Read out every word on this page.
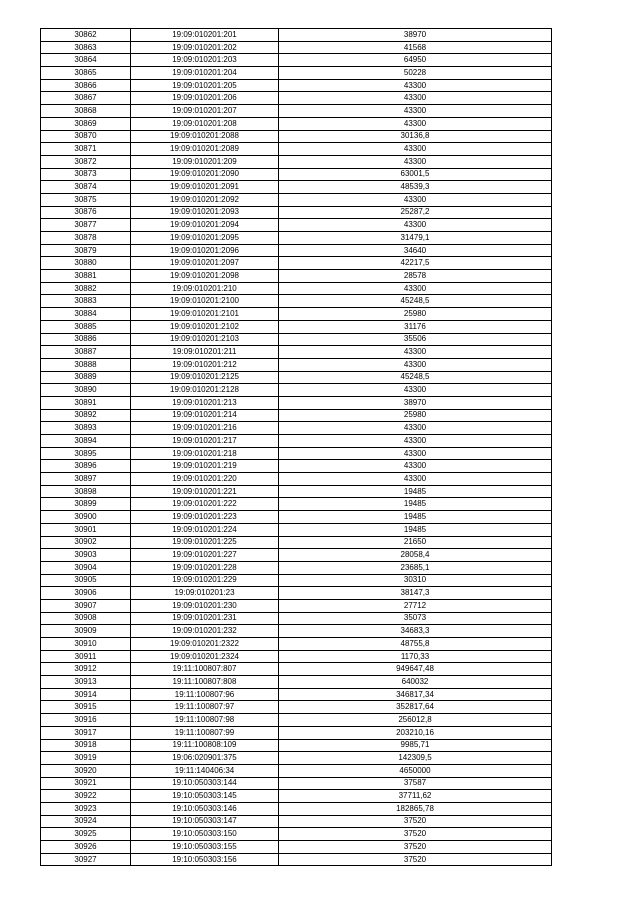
30862	19:09:010201:201	38970
30863	19:09:010201:202	41568
30864	19:09:010201:203	64950
30865	19:09:010201:204	50228
30866	19:09:010201:205	43300
30867	19:09:010201:206	43300
30868	19:09:010201:207	43300
30869	19:09:010201:208	43300
30870	19:09:010201:2088	30136,8
30871	19:09:010201:2089	43300
30872	19:09:010201:209	43300
30873	19:09:010201:2090	63001,5
30874	19:09:010201:2091	48539,3
30875	19:09:010201:2092	43300
30876	19:09:010201:2093	25287,2
30877	19:09:010201:2094	43300
30878	19:09:010201:2095	31479,1
30879	19:09:010201:2096	34640
30880	19:09:010201:2097	42217,5
30881	19:09:010201:2098	28578
30882	19:09:010201:210	43300
30883	19:09:010201:2100	45248,5
30884	19:09:010201:2101	25980
30885	19:09:010201:2102	31176
30886	19:09:010201:2103	35506
30887	19:09:010201:211	43300
30888	19:09:010201:212	43300
30889	19:09:010201:2125	45248,5
30890	19:09:010201:2128	43300
30891	19:09:010201:213	38970
30892	19:09:010201:214	25980
30893	19:09:010201:216	43300
30894	19:09:010201:217	43300
30895	19:09:010201:218	43300
30896	19:09:010201:219	43300
30897	19:09:010201:220	43300
30898	19:09:010201:221	19485
30899	19:09:010201:222	19485
30900	19:09:010201:223	19485
30901	19:09:010201:224	19485
30902	19:09:010201:225	21650
30903	19:09:010201:227	28058,4
30904	19:09:010201:228	23685,1
30905	19:09:010201:229	30310
30906	19:09:010201:23	38147,3
30907	19:09:010201:230	27712
30908	19:09:010201:231	35073
30909	19:09:010201:232	34683,3
30910	19:09:010201:2322	48755,8
30911	19:09:010201:2324	1170,33
30912	19:11:100807:807	949647,48
30913	19:11:100807:808	640032
30914	19:11:100807:96	346817,34
30915	19:11:100807:97	352817,64
30916	19:11:100807:98	256012,8
30917	19:11:100807:99	203210,16
30918	19:11:100808:109	9985,71
30919	19:06:020901:375	142309,5
30920	19:11:140406:34	4650000
30921	19:10:050303:144	37587
30922	19:10:050303:145	37711,62
30923	19:10:050303:146	182865,78
30924	19:10:050303:147	37520
30925	19:10:050303:150	37520
30926	19:10:050303:155	37520
30927	19:10:050303:156	37520
